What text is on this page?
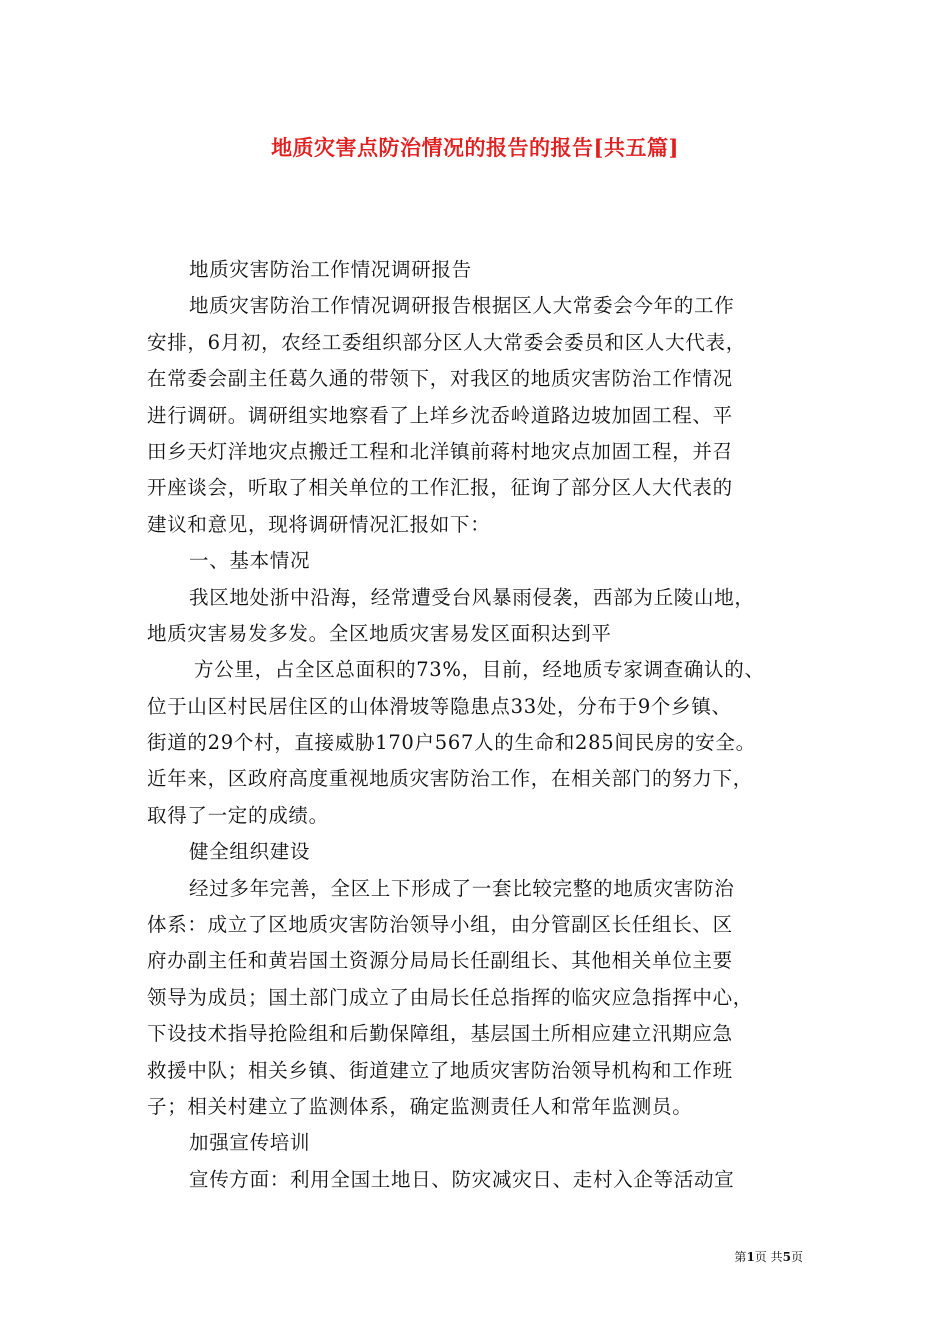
地质灾害点防治情况的报告的报告[共五篇]
地质灾害防治工作情况调研报告
地质灾害防治工作情况调研报告根据区人大常委会今年的工作
安排，6月初，农经工委组织部分区人大常委会委员和区人大代表，
在常委会副主任葛久通的带领下，对我区的地质灾害防治工作情况
进行调研。调研组实地察看了上垟乡沈岙岭道路边坡加固工程、平
田乡天灯洋地灾点搬迁工程和北洋镇前蒋村地灾点加固工程，并召
开座谈会，听取了相关单位的工作汇报，征询了部分区人大代表的
建议和意见，现将调研情况汇报如下：
一、基本情况
我区地处浙中沿海，经常遭受台风暴雨侵袭，西部为丘陵山地，
地质灾害易发多发。全区地质灾害易发区面积达到平
方公里，占全区总面积的73%，目前，经地质专家调查确认的、
位于山区村民居住区的山体滑坡等隐患点33处，分布于9个乡镇、
街道的29个村，直接威胁170户567人的生命和285间民房的安全。
近年来，区政府高度重视地质灾害防治工作，在相关部门的努力下，
取得了一定的成绩。
健全组织建设
经过多年完善，全区上下形成了一套比较完整的地质灾害防治
体系：成立了区地质灾害防治领导小组，由分管副区长任组长、区
府办副主任和黄岩国土资源分局局长任副组长、其他相关单位主要
领导为成员；国土部门成立了由局长任总指挥的临灾应急指挥中心，
下设技术指导抢险组和后勤保障组，基层国土所相应建立汛期应急
救援中队；相关乡镇、街道建立了地质灾害防治领导机构和工作班
子；相关村建立了监测体系，确定监测责任人和常年监测员。
加强宣传培训
宣传方面：利用全国土地日、防灾减灾日、走村入企等活动宣
第1页 共5页
